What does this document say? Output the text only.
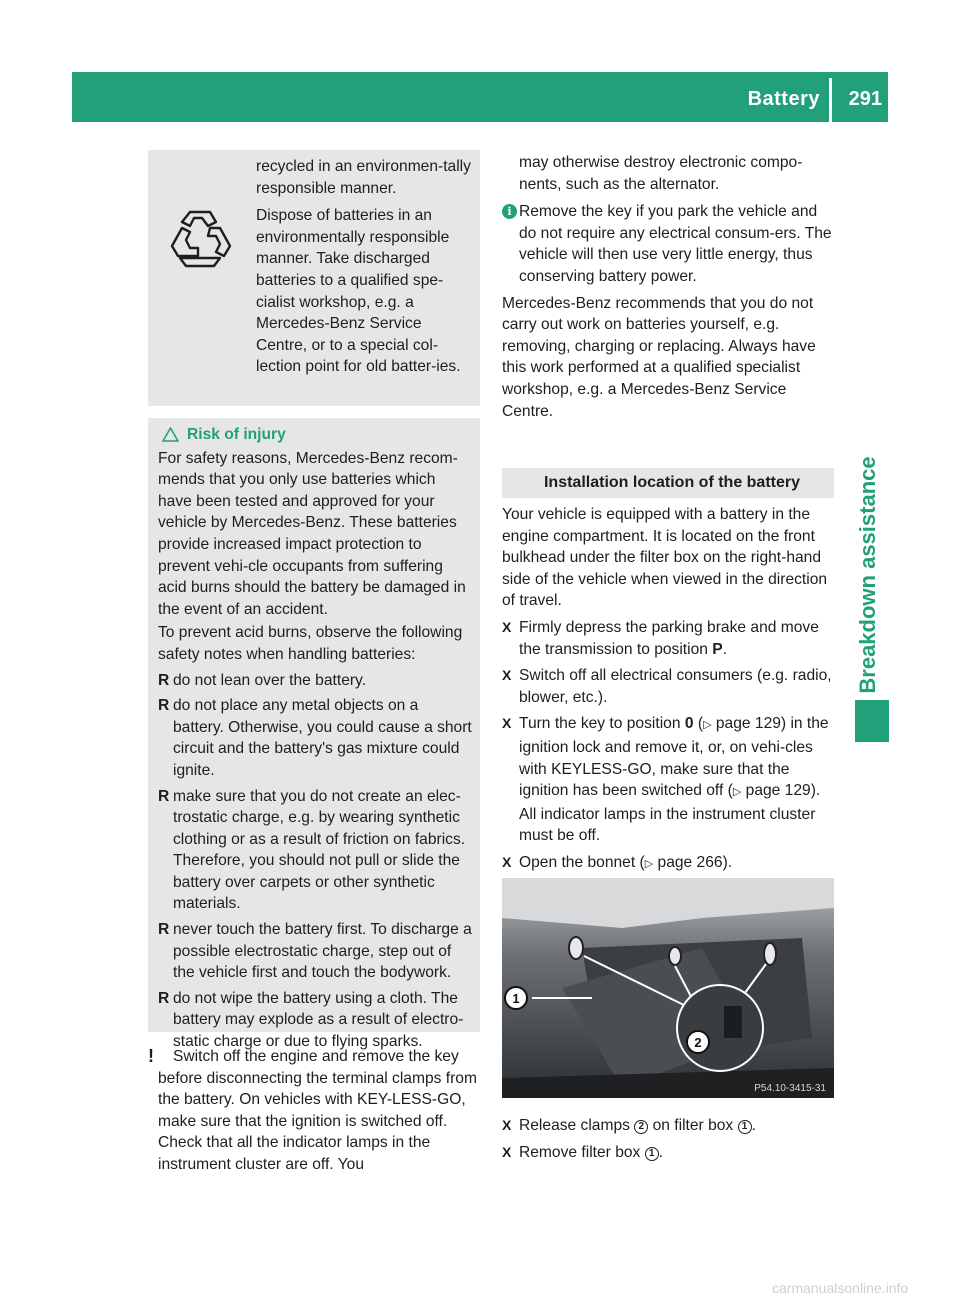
Battery 291
Breakdown assistance

recycled in an environmen-tally responsible manner.

Dispose of batteries in an environmentally responsible manner. Take discharged batteries to a qualified spe-cialist workshop, e.g. a Mercedes-Benz Service Centre, or to a special col-lection point for old batter-ies.

Risk of injury

For safety reasons, Mercedes-Benz recom-mends that you only use batteries which have been tested and approved for your vehicle by Mercedes-Benz. These batteries provide increased impact protection to prevent vehi-cle occupants from suffering acid burns should the battery be damaged in the event of an accident.

To prevent acid burns, observe the following safety notes when handling batteries:

R do not lean over the battery.
R do not place any metal objects on a battery. Otherwise, you could cause a short circuit and the battery's gas mixture could ignite.
R make sure that you do not create an elec-trostatic charge, e.g. by wearing synthetic clothing or as a result of friction on fabrics. Therefore, you should not pull or slide the battery over carpets or other synthetic materials.
R never touch the battery first. To discharge a possible electrostatic charge, step out of the vehicle first and touch the bodywork.
R do not wipe the battery using a cloth. The battery may explode as a result of electro-static charge or due to flying sparks.
!	Switch off the engine and remove the key
before disconnecting the terminal clamps from the battery. On vehicles with KEY-LESS-GO, make sure that the ignition is switched off. Check that all the indicator lamps in the instrument cluster are off. You
may otherwise destroy electronic compo-nents, such as the alternator.
i Remove the key if you park the vehicle and do not require any electrical consum-ers. The vehicle will then use very little energy, thus conserving battery power.

Mercedes-Benz recommends that you do not carry out work on batteries yourself, e.g. removing, charging or replacing. Always have this work performed at a qualified specialist workshop, e.g. a Mercedes-Benz Service Centre.

Installation location of the battery

Your vehicle is equipped with a battery in the engine compartment. It is located on the front bulkhead under the filter box on the right-hand side of the vehicle when viewed in the direction of travel.

X Firmly depress the parking brake and move the transmission to position P.
X Switch off all electrical consumers (e.g. radio, blower, etc.).
X Turn the key to position 0 (▷ page 129) in the ignition lock and remove it, or, on vehi-cles with KEYLESS-GO, make sure that the ignition has been switched off (▷ page 129). All indicator lamps in the instrument cluster must be off.
X Open the bonnet (▷ page 266).
1
2
P54.10-3415-31
X Release clamps 2 on filter box 1 .
X Remove filter box 1 .
carmanualsonline.info
